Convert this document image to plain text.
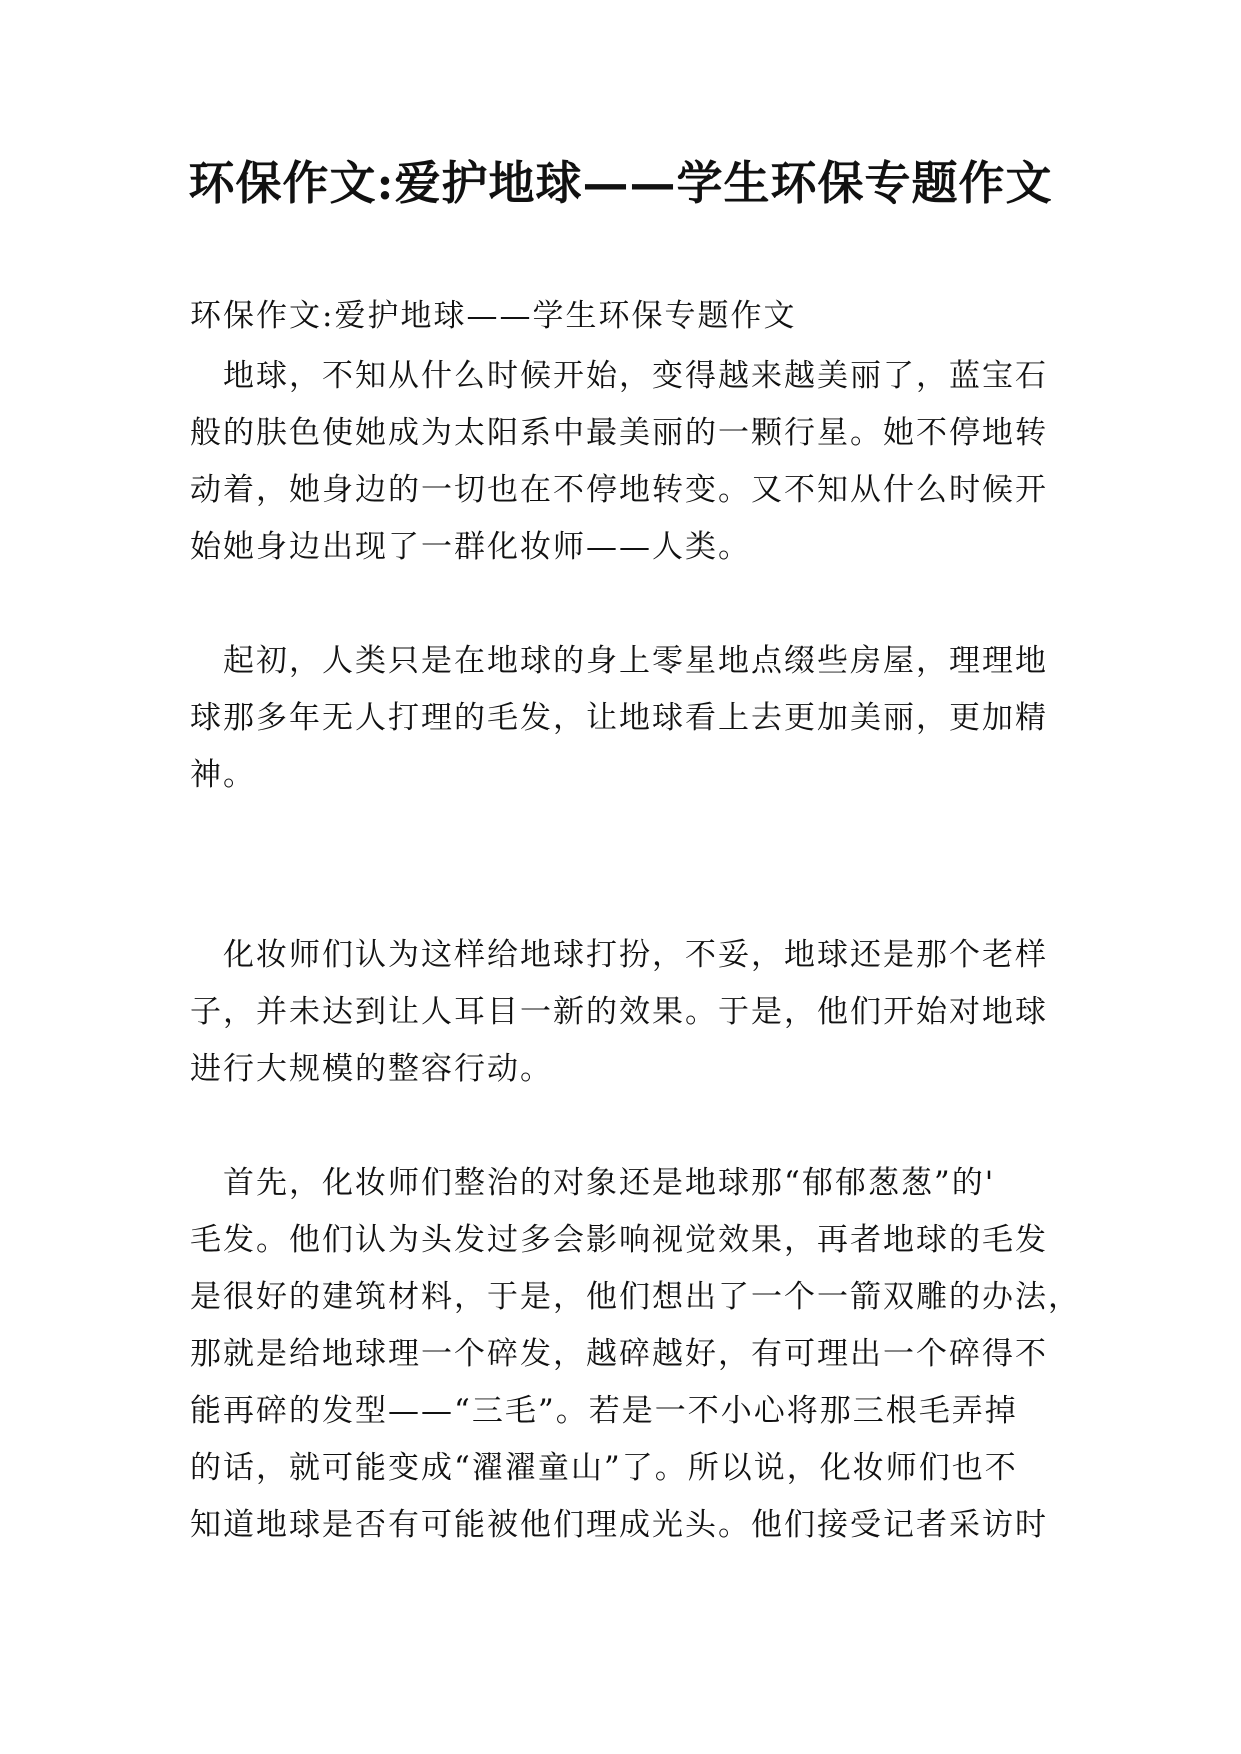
环保作文:爱护地球——学生环保专题作文
环保作文:爱护地球——学生环保专题作文
地球，不知从什么时候开始，变得越来越美丽了，蓝宝石
般的肤色使她成为太阳系中最美丽的一颗行星。她不停地转
动着，她身边的一切也在不停地转变。又不知从什么时候开
始她身边出现了一群化妆师——人类。
起初，人类只是在地球的身上零星地点缀些房屋，理理地
球那多年无人打理的毛发，让地球看上去更加美丽，更加精
神。
化妆师们认为这样给地球打扮，不妥，地球还是那个老样
子，并未达到让人耳目一新的效果。于是，他们开始对地球
进行大规模的整容行动。
首先，化妆师们整治的对象还是地球那“郁郁葱葱”的'
毛发。他们认为头发过多会影响视觉效果，再者地球的毛发
是很好的建筑材料，于是，他们想出了一个一箭双雕的办法，
那就是给地球理一个碎发，越碎越好，有可理出一个碎得不
能再碎的发型——“三毛”。若是一不小心将那三根毛弄掉
的话，就可能变成“濯濯童山”了。所以说，化妆师们也不
知道地球是否有可能被他们理成光头。他们接受记者采访时
